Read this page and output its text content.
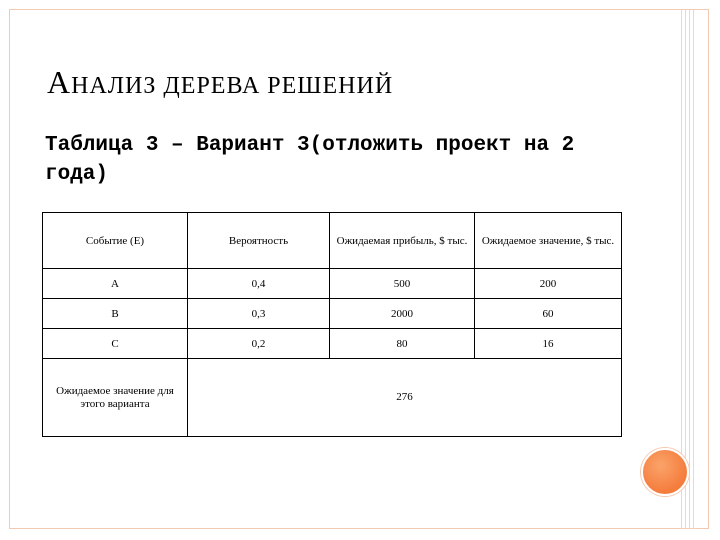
АНАЛИЗ ДЕРЕВА РЕШЕНИЙ

Таблица 3 – Вариант 3(отложить проект на 2 года)

Событие (Е)	Вероятность	Ожидаемая прибыль, $ тыс.	Ожидаемое значение, $ тыс.
A	0,4	500	200
B	0,3	2000	60
C	0,2	80	16
Ожидаемое значение для этого варианта	276		
